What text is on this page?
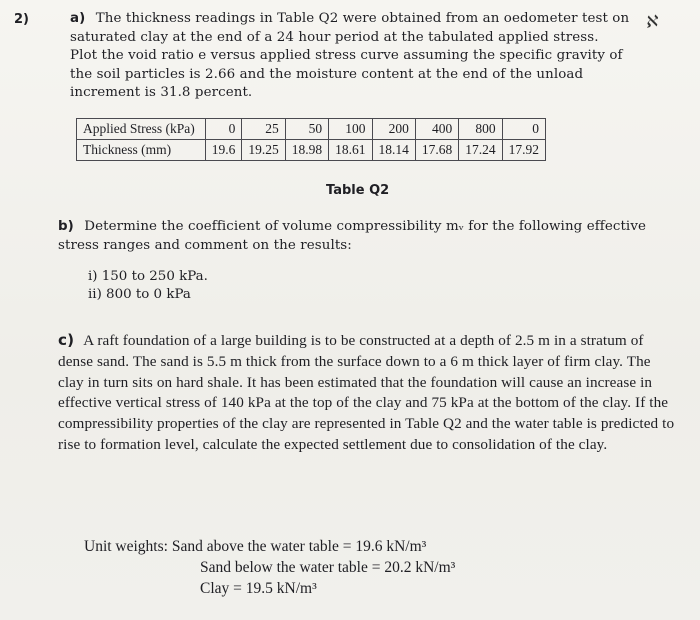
2)	ℵ
a) The thickness readings in Table Q2 were obtained from an oedometer test on saturated clay at the end of a 24 hour period at the tabulated applied stress. Plot the void ratio e versus applied stress curve assuming the specific gravity of the soil particles is 2.66 and the moisture content at the end of the unload increment is 31.8 percent.
Applied Stress (kPa)	0	25	50	100	200	400	800	0
Thickness (mm)	19.6	19.25	18.98	18.61	18.14	17.68	17.24	17.92
Table Q2
b) Determine the coefficient of volume compressibility mᵥ for the following effective stress ranges and comment on the results:
i) 150 to 250 kPa.
ii) 800 to 0 kPa
c) A raft foundation of a large building is to be constructed at a depth of 2.5 m in a stratum of dense sand. The sand is 5.5 m thick from the surface down to a 6 m thick layer of firm clay. The clay in turn sits on hard shale. It has been estimated that the foundation will cause an increase in effective vertical stress of 140 kPa at the top of the clay and 75 kPa at the bottom of the clay. If the compressibility properties of the clay are represented in Table Q2 and the water table is predicted to rise to formation level, calculate the expected settlement due to consolidation of the clay.
Unit weights: Sand above the water table = 19.6 kN/m³
Sand below the water table = 20.2 kN/m³
Clay = 19.5 kN/m³
